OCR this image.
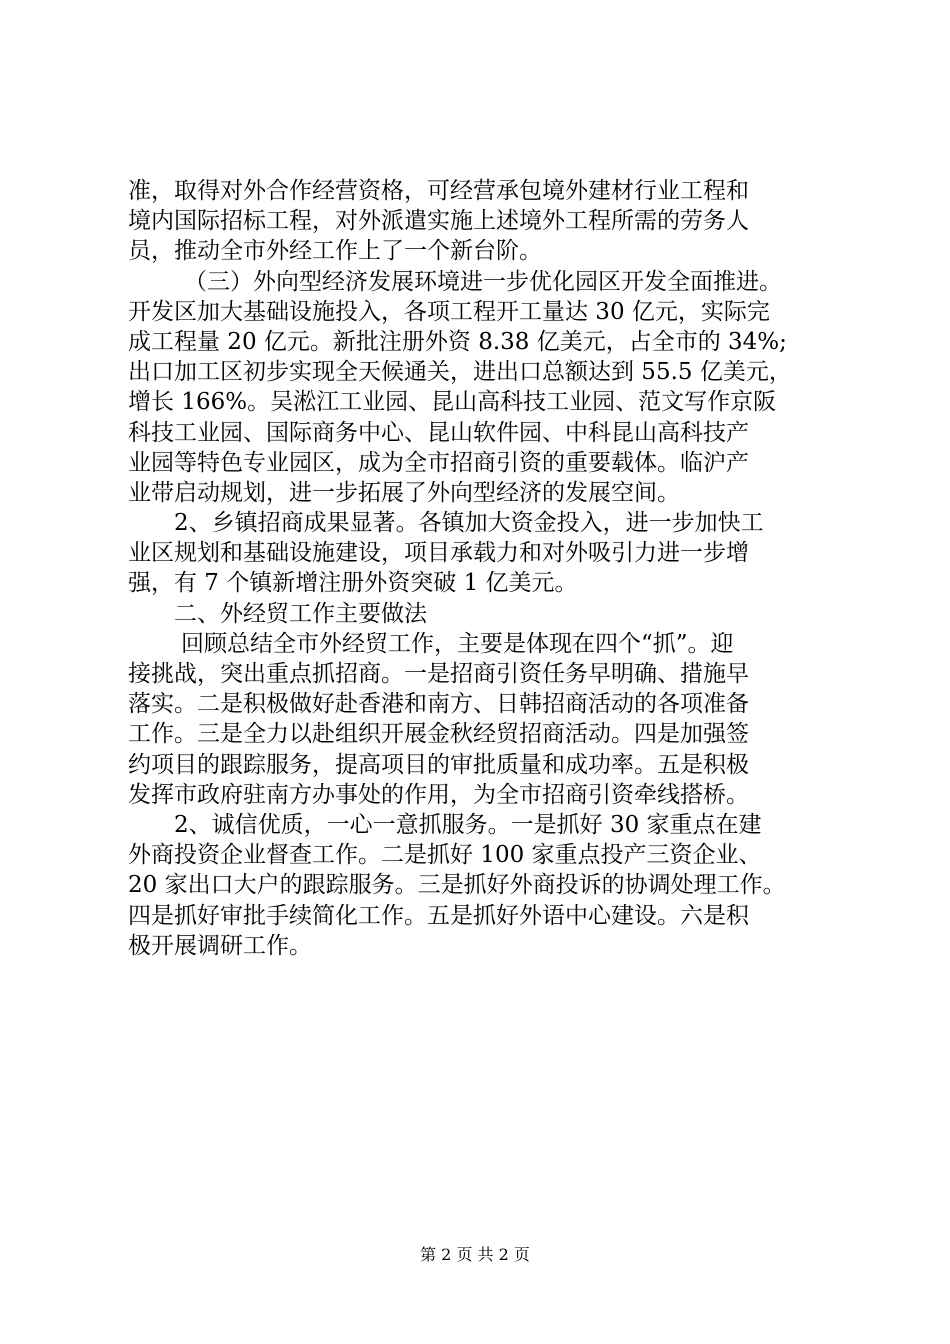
准，取得对外合作经营资格，可经营承包境外建材行业工程和
境内国际招标工程，对外派遣实施上述境外工程所需的劳务人
员，推动全市外经工作上了一个新台阶。
（三）外向型经济发展环境进一步优化园区开发全面推进。
开发区加大基础设施投入，各项工程开工量达 30 亿元，实际完
成工程量 20 亿元。新批注册外资 8.38 亿美元，占全市的 34%;
出口加工区初步实现全天候通关，进出口总额达到 55.5 亿美元，
增长 166%。吴淞江工业园、昆山高科技工业园、范文写作京阪
科技工业园、国际商务中心、昆山软件园、中科昆山高科技产
业园等特色专业园区，成为全市招商引资的重要载体。临沪产
业带启动规划，进一步拓展了外向型经济的发展空间。
2、乡镇招商成果显著。各镇加大资金投入，进一步加快工
业区规划和基础设施建设，项目承载力和对外吸引力进一步增
强，有 7 个镇新增注册外资突破 1 亿美元。
二、外经贸工作主要做法
回顾总结全市外经贸工作，主要是体现在四个“抓”。迎
接挑战，突出重点抓招商。一是招商引资任务早明确、措施早
落实。二是积极做好赴香港和南方、日韩招商活动的各项准备
工作。三是全力以赴组织开展金秋经贸招商活动。四是加强签
约项目的跟踪服务，提高项目的审批质量和成功率。五是积极
发挥市政府驻南方办事处的作用，为全市招商引资牵线搭桥。
2、诚信优质，一心一意抓服务。一是抓好 30 家重点在建
外商投资企业督查工作。二是抓好 100 家重点投产三资企业、
20 家出口大户的跟踪服务。三是抓好外商投诉的协调处理工作。
四是抓好审批手续简化工作。五是抓好外语中心建设。六是积
极开展调研工作。
第 2 页 共 2 页
